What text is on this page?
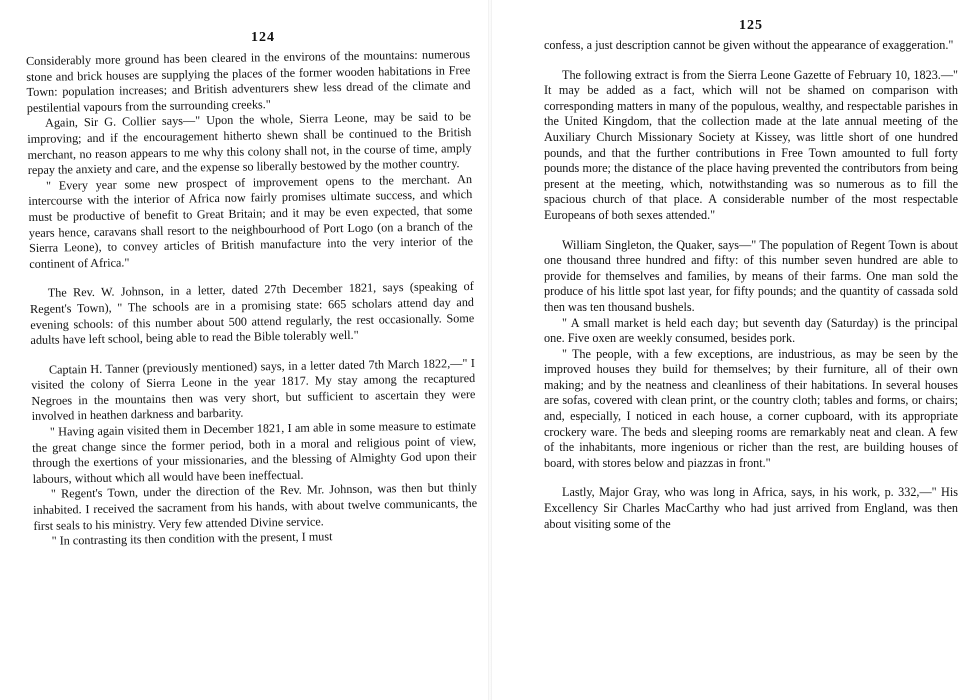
124

Considerably more ground has been cleared in the environs of the mountains: numerous stone and brick houses are supplying the places of the former wooden habitations in Free Town: population increases; and British adventurers shew less dread of the climate and pestilential vapours from the surrounding creeks."

Again, Sir G. Collier says—" Upon the whole, Sierra Leone, may be said to be improving; and if the encouragement hitherto shewn shall be continued to the British merchant, no reason appears to me why this colony shall not, in the course of time, amply repay the anxiety and care, and the expense so liberally bestowed by the mother country.

" Every year some new prospect of improvement opens to the merchant. An intercourse with the interior of Africa now fairly promises ultimate success, and which must be productive of benefit to Great Britain; and it may be even expected, that some years hence, caravans shall resort to the neighbourhood of Port Logo (on a branch of the Sierra Leone), to convey articles of British manufacture into the very interior of the continent of Africa."

The Rev. W. Johnson, in a letter, dated 27th December 1821, says (speaking of Regent's Town), " The schools are in a promising state: 665 scholars attend day and evening schools: of this number about 500 attend regularly, the rest occasionally. Some adults have left school, being able to read the Bible tolerably well."

Captain H. Tanner (previously mentioned) says, in a letter dated 7th March 1822,—" I visited the colony of Sierra Leone in the year 1817. My stay among the recaptured Negroes in the mountains then was very short, but sufficient to ascertain they were involved in heathen darkness and barbarity.

" Having again visited them in December 1821, I am able in some measure to estimate the great change since the former period, both in a moral and religious point of view, through the exertions of your missionaries, and the blessing of Almighty God upon their labours, without which all would have been ineffectual.

" Regent's Town, under the direction of the Rev. Mr. Johnson, was then but thinly inhabited. I received the sacrament from his hands, with about twelve communicants, the first seals to his ministry. Very few attended Divine service.

" In contrasting its then condition with the present, I must

125

confess, a just description cannot be given without the appearance of exaggeration."

The following extract is from the Sierra Leone Gazette of February 10, 1823.—" It may be added as a fact, which will not be shamed on comparison with corresponding matters in many of the populous, wealthy, and respectable parishes in the United Kingdom, that the collection made at the late annual meeting of the Auxiliary Church Missionary Society at Kissey, was little short of one hundred pounds, and that the further contributions in Free Town amounted to full forty pounds more; the distance of the place having prevented the contributors from being present at the meeting, which, notwithstanding was so numerous as to fill the spacious church of that place. A considerable number of the most respectable Europeans of both sexes attended."

William Singleton, the Quaker, says—" The population of Regent Town is about one thousand three hundred and fifty: of this number seven hundred are able to provide for themselves and families, by means of their farms. One man sold the produce of his little spot last year, for fifty pounds; and the quantity of cassada sold then was ten thousand bushels.

" A small market is held each day; but seventh day (Saturday) is the principal one. Five oxen are weekly consumed, besides pork.

" The people, with a few exceptions, are industrious, as may be seen by the improved houses they build for themselves; by their furniture, all of their own making; and by the neatness and cleanliness of their habitations. In several houses are sofas, covered with clean print, or the country cloth; tables and forms, or chairs; and, especially, I noticed in each house, a corner cupboard, with its appropriate crockery ware. The beds and sleeping rooms are remarkably neat and clean. A few of the inhabitants, more ingenious or richer than the rest, are building houses of board, with stores below and piazzas in front."

Lastly, Major Gray, who was long in Africa, says, in his work, p. 332,—" His Excellency Sir Charles MacCarthy who had just arrived from England, was then about visiting some of the
